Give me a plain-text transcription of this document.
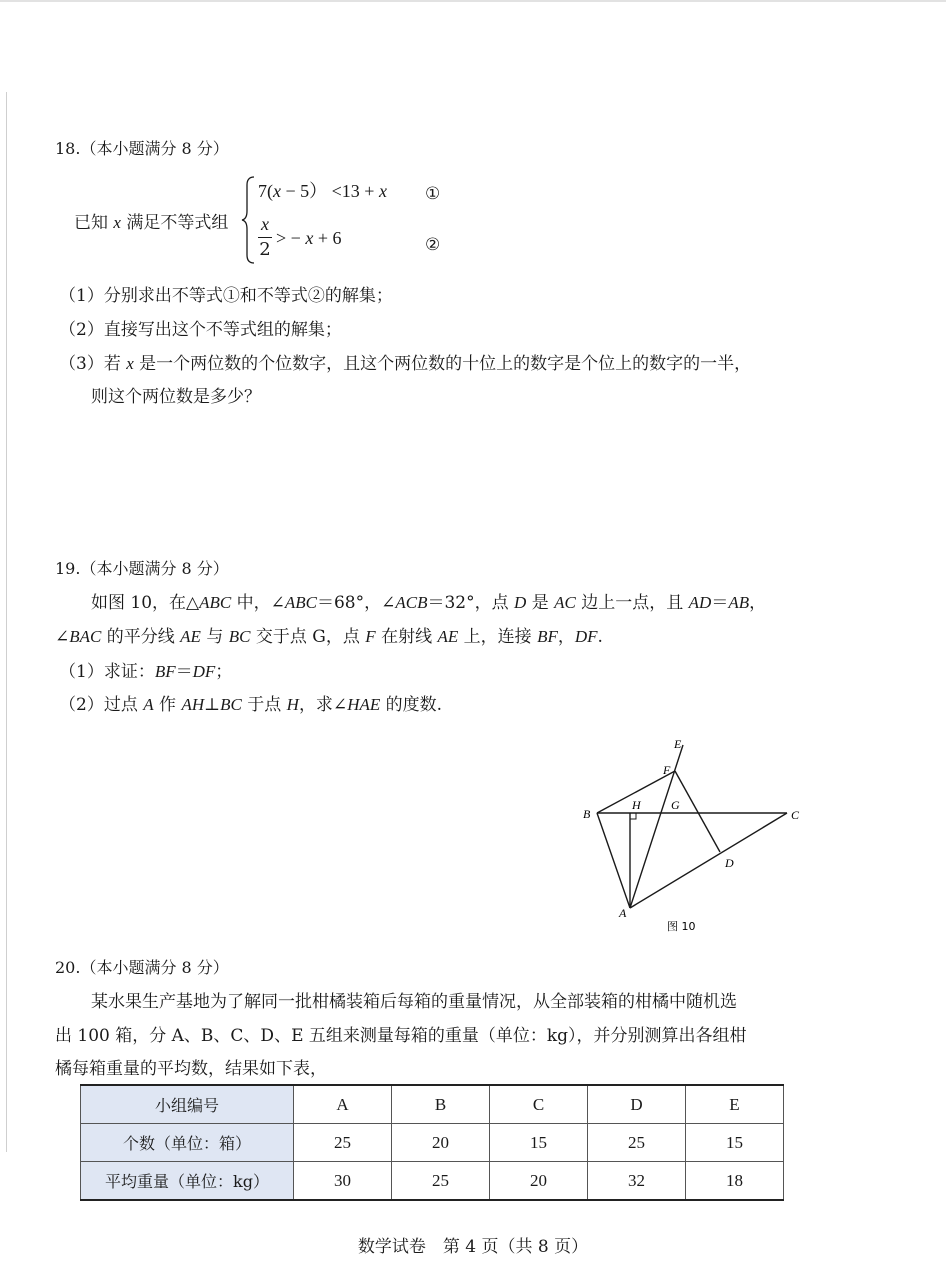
18.（本小题满分 8 分）
已知 x 满足不等式组
7(x − 5） <13 + x ①
x
2
> − x + 6	②
（1）分别求出不等式①和不等式②的解集；
（2）直接写出这个不等式组的解集；
（3）若 x 是一个两位数的个位数字，且这个两位数的十位上的数字是个位上的数字的一半，
则这个两位数是多少？
19.（本小题满分 8 分）
如图 10，在△ABC 中，∠ABC＝68°，∠ACB＝32°，点 D 是 AC 边上一点，且 AD＝AB，
∠BAC 的平分线 AE 与 BC 交于点 G，点 F 在射线 AE 上，连接 BF，DF.
（1）求证：BF＝DF；
（2）过点 A 作 AH⊥BC 于点 H，求∠HAE 的度数.
E
F
B
H	G
C
D
A
图 10
20.（本小题满分 8 分）
某水果生产基地为了解同一批柑橘装箱后每箱的重量情况，从全部装箱的柑橘中随机选
出 100 箱，分 A、B、C、D、E 五组来测量每箱的重量（单位：kg），并分别测算出各组柑
橘每箱重量的平均数，结果如下表，
小组编号	A	B	C	D	E
个数（单位：箱）	25	20	15	25	15
平均重量（单位：kg）	30	25	20	32	18
数学试卷　第 4 页（共 8 页）
